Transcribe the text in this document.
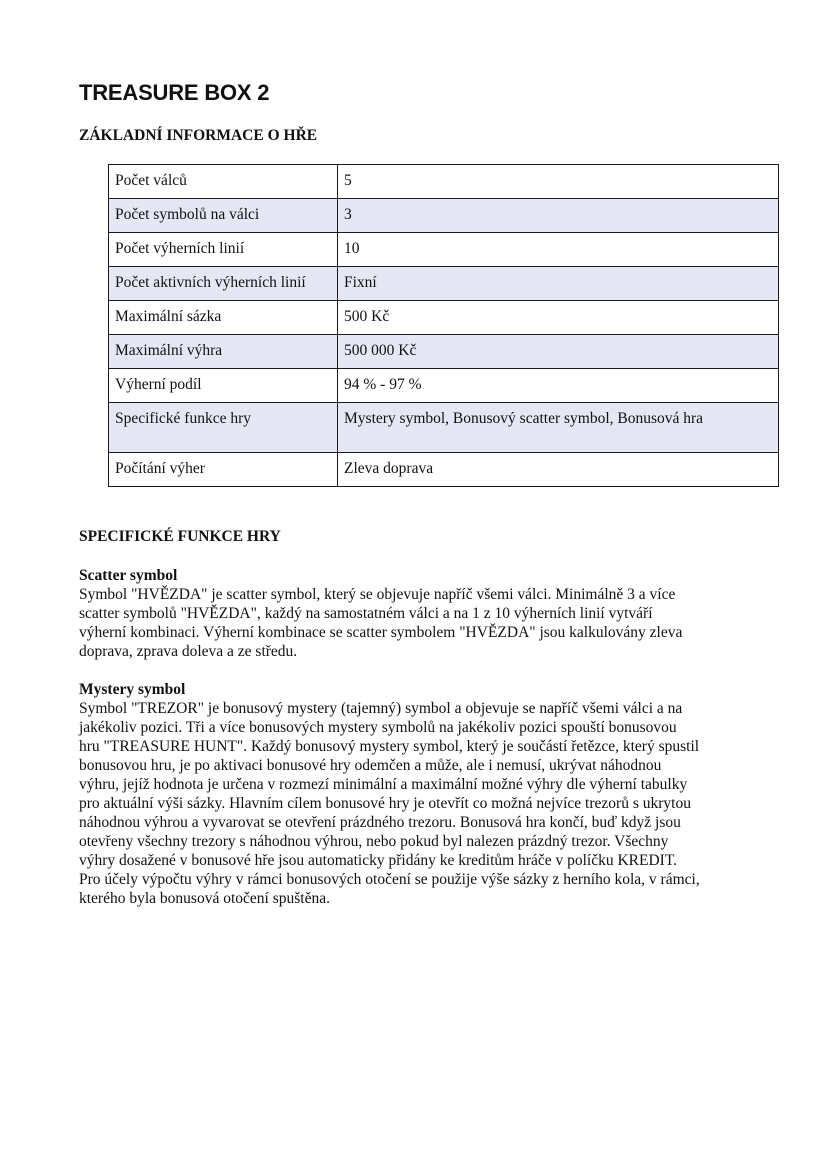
TREASURE BOX 2
ZÁKLADNÍ INFORMACE O HŘE
Počet válců	5
Počet symbolů na válci	3
Počet výherních linií	10
Počet aktivních výherních linií	Fixní
Maximální sázka	500 Kč
Maximální výhra	500 000 Kč
Výherní podíl	94 % - 97 %
Specifické funkce hry	Mystery symbol, Bonusový scatter symbol, Bonusová hra
Počítání výher	Zleva doprava
SPECIFICKÉ FUNKCE HRY
Scatter symbol
Symbol "HVĚZDA" je scatter symbol, který se objevuje napříč všemi válci. Minimálně 3 a více
scatter symbolů "HVĚZDA", každý na samostatném válci a na 1 z 10 výherních linií vytváří
výherní kombinaci. Výherní kombinace se scatter symbolem "HVĚZDA" jsou kalkulovány zleva
doprava, zprava doleva a ze středu.
Mystery symbol
Symbol "TREZOR" je bonusový mystery (tajemný) symbol a objevuje se napříč všemi válci a na
jakékoliv pozici. Tři a více bonusových mystery symbolů na jakékoliv pozici spouští bonusovou
hru "TREASURE HUNT". Každý bonusový mystery symbol, který je součástí řetězce, který spustil
bonusovou hru, je po aktivaci bonusové hry odemčen a může, ale i nemusí, ukrývat náhodnou
výhru, jejíž hodnota je určena v rozmezí minimální a maximální možné výhry dle výherní tabulky
pro aktuální výši sázky. Hlavním cílem bonusové hry je otevřít co možná nejvíce trezorů s ukrytou
náhodnou výhrou a vyvarovat se otevření prázdného trezoru. Bonusová hra končí, buď když jsou
otevřeny všechny trezory s náhodnou výhrou, nebo pokud byl nalezen prázdný trezor. Všechny
výhry dosažené v bonusové hře jsou automaticky přidány ke kreditům hráče v políčku KREDIT.
Pro účely výpočtu výhry v rámci bonusových otočení se použije výše sázky z herního kola, v rámci,
kterého byla bonusová otočení spuštěna.
